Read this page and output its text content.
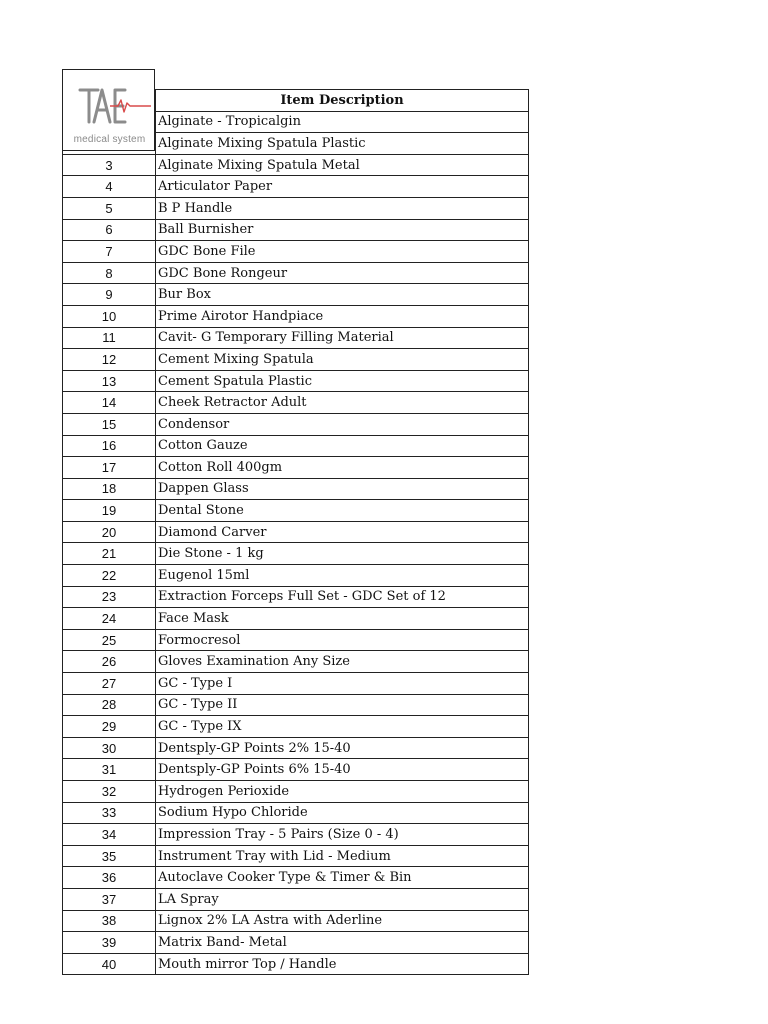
medical system
	Item Description
	Alginate - Tropicalgin
	Alginate Mixing Spatula Plastic
3	Alginate Mixing Spatula Metal
4	Articulator Paper
5	B P Handle
6	Ball Burnisher
7	GDC Bone File
8	GDC Bone Rongeur
9	Bur Box
10	Prime Airotor Handpiace
11	Cavit- G Temporary Filling Material
12	Cement Mixing Spatula
13	Cement Spatula Plastic
14	Cheek Retractor Adult
15	Condensor
16	Cotton Gauze
17	Cotton Roll 400gm
18	Dappen Glass
19	Dental Stone
20	Diamond Carver
21	Die Stone - 1 kg
22	Eugenol 15ml
23	Extraction Forceps Full Set - GDC Set of 12
24	Face Mask
25	Formocresol
26	Gloves Examination Any Size
27	GC - Type I
28	GC - Type II
29	GC - Type IX
30	Dentsply-GP Points 2% 15-40
31	Dentsply-GP Points 6% 15-40
32	Hydrogen Perioxide
33	Sodium Hypo Chloride
34	Impression Tray - 5 Pairs (Size 0 - 4)
35	Instrument Tray with Lid - Medium
36	Autoclave Cooker Type & Timer & Bin
37	LA Spray
38	Lignox 2% LA Astra with Aderline
39	Matrix Band- Metal
40	Mouth mirror Top / Handle
